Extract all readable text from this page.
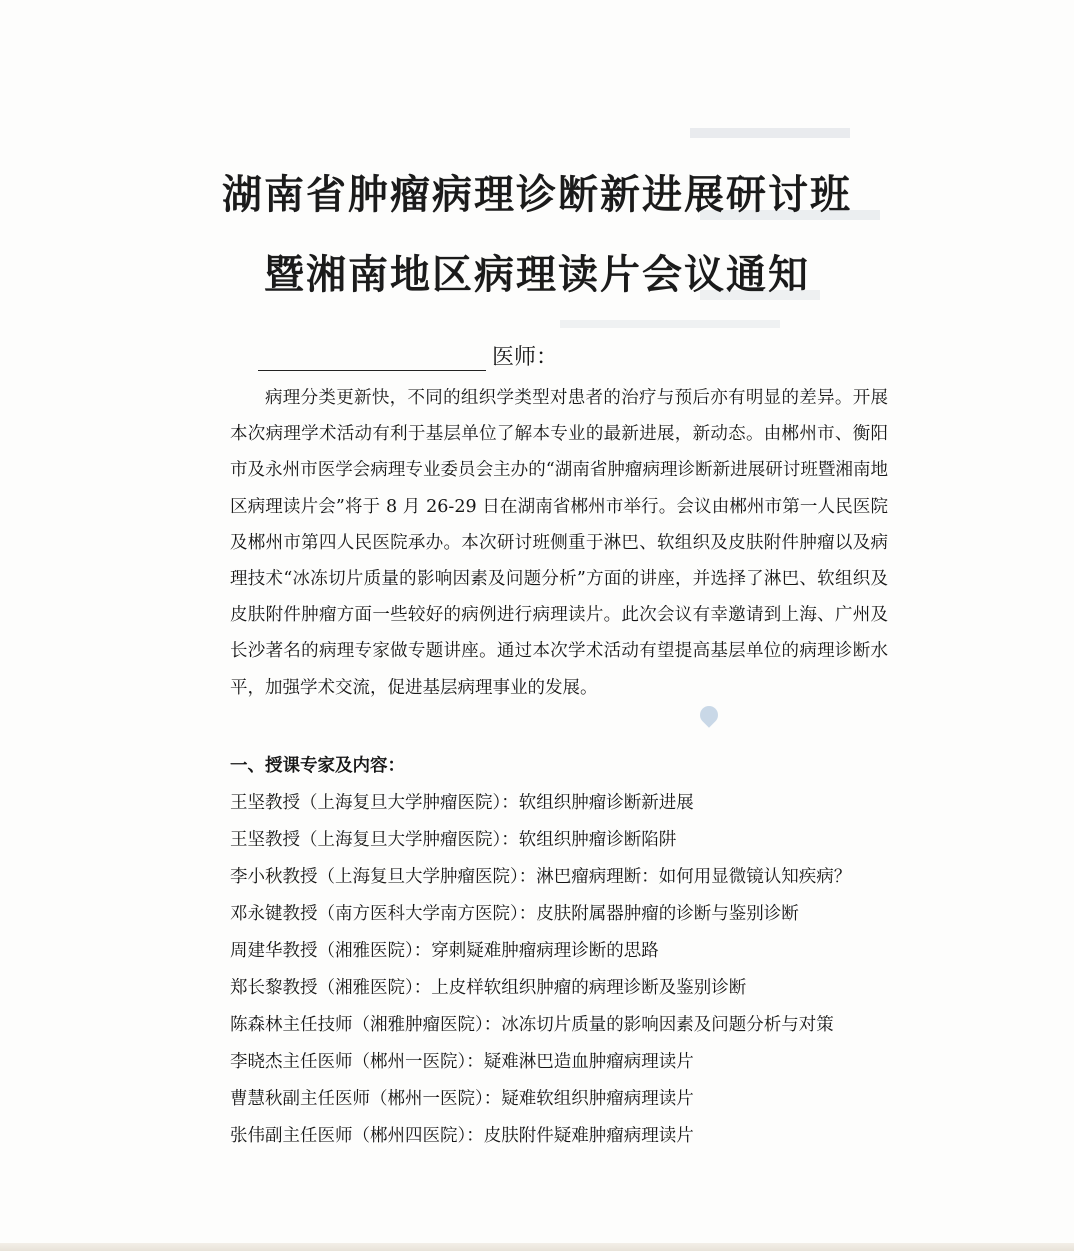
湖南省肿瘤病理诊断新进展研讨班
暨湘南地区病理读片会议通知
医师：
病理分类更新快，不同的组织学类型对患者的治疗与预后亦有明显的差异。开展本次病理学术活动有利于基层单位了解本专业的最新进展，新动态。由郴州市、衡阳市及永州市医学会病理专业委员会主办的“湖南省肿瘤病理诊断新进展研讨班暨湘南地区病理读片会”将于 8 月 26-29 日在湖南省郴州市举行。会议由郴州市第一人民医院及郴州市第四人民医院承办。本次研讨班侧重于淋巴、软组织及皮肤附件肿瘤以及病理技术“冰冻切片质量的影响因素及问题分析”方面的讲座，并选择了淋巴、软组织及皮肤附件肿瘤方面一些较好的病例进行病理读片。此次会议有幸邀请到上海、广州及长沙著名的病理专家做专题讲座。通过本次学术活动有望提高基层单位的病理诊断水平，加强学术交流，促进基层病理事业的发展。
一、授课专家及内容：
王坚教授（上海复旦大学肿瘤医院）：软组织肿瘤诊断新进展
王坚教授（上海复旦大学肿瘤医院）：软组织肿瘤诊断陷阱
李小秋教授（上海复旦大学肿瘤医院）：淋巴瘤病理断：如何用显微镜认知疾病？
邓永键教授（南方医科大学南方医院）：皮肤附属器肿瘤的诊断与鉴别诊断
周建华教授（湘雅医院）：穿刺疑难肿瘤病理诊断的思路
郑长黎教授（湘雅医院）：上皮样软组织肿瘤的病理诊断及鉴别诊断
陈森林主任技师（湘雅肿瘤医院）：冰冻切片质量的影响因素及问题分析与对策
李晓杰主任医师（郴州一医院）：疑难淋巴造血肿瘤病理读片
曹慧秋副主任医师（郴州一医院）：疑难软组织肿瘤病理读片
张伟副主任医师（郴州四医院）：皮肤附件疑难肿瘤病理读片
